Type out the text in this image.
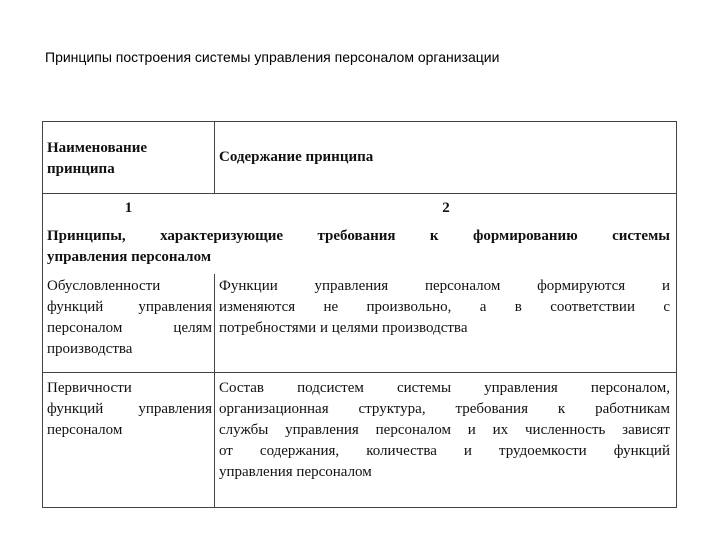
Принципы построения системы управления персоналом организации
Наименование
принципа
Содержание принципа
1	2
Принципы, характеризующие требования к формированию системы
управления персоналом
Обусловленности
функций управления
персоналом целям
производства
Функции управления персоналом формируются и
изменяются не произвольно, а в соответствии с
потребностями и целями производства
Первичности
функций управления
персоналом
Состав подсистем системы управления персоналом,
организационная структура, требования к работникам
службы управления персоналом и их численность зависят
от содержания, количества и трудоемкости функций
управления персоналом
